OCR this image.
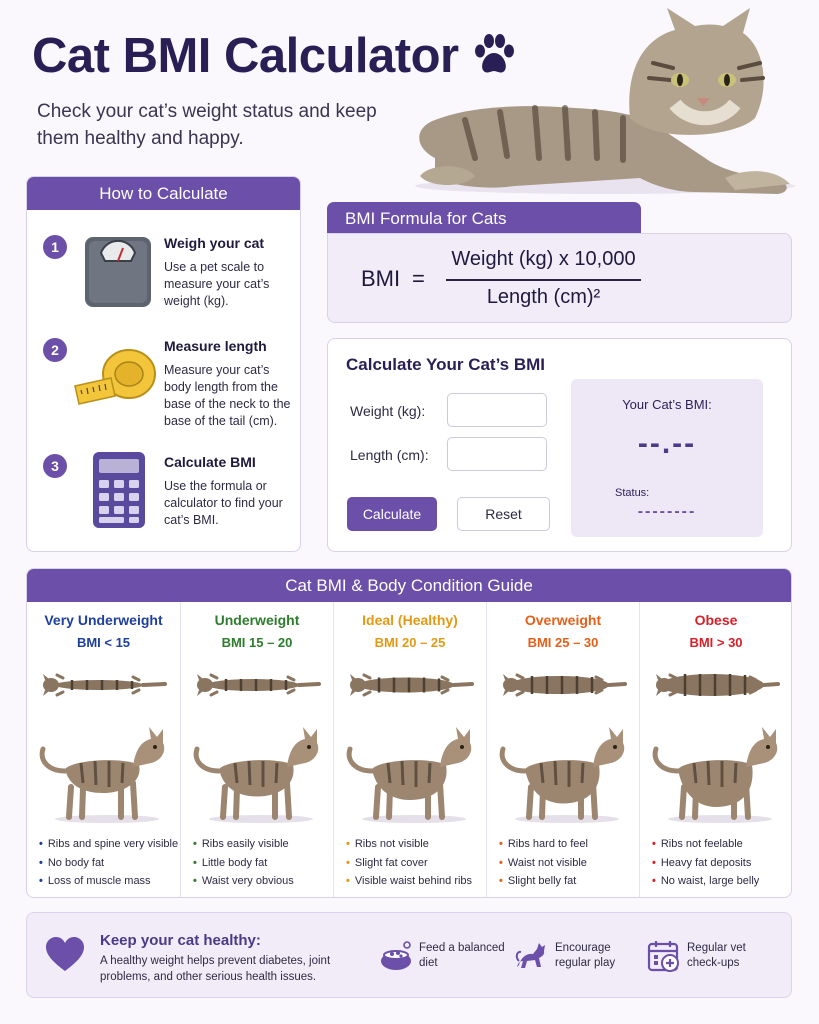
Cat BMI Calculator
Check your cat’s weight status and keep them healthy and happy.
How to Calculate
1	Weigh your cat
Use a pet scale to measure your cat’s weight (kg).
2	Measure length
Measure your cat’s body length from the base of the neck to the base of the tail (cm).
3	Calculate BMI
Use the formula or calculator to find your cat’s BMI.
BMI Formula for Cats
BMI =
Weight (kg) x 10,000
Length (cm)²
Calculate Your Cat’s BMI
Weight (kg):
Length (cm):
Calculate	Reset
Your Cat’s BMI:
--.--
Status:
--------
Cat BMI & Body Condition Guide
Very Underweight
BMI < 15
• Ribs and spine very visible
• No body fat
• Loss of muscle mass
Underweight
BMI 15 – 20
• Ribs easily visible
• Little body fat
• Waist very obvious
Ideal (Healthy)
BMI 20 – 25
• Ribs not visible
• Slight fat cover
• Visible waist behind ribs
Overweight
BMI 25 – 30
• Ribs hard to feel
• Waist not visible
• Slight belly fat
Obese
BMI > 30
• Ribs not feelable
• Heavy fat deposits
• No waist, large belly
Keep your cat healthy:
A healthy weight helps prevent diabetes, joint problems, and other serious health issues.
Feed a balanced diet
Encourage regular play
Regular vet check-ups
